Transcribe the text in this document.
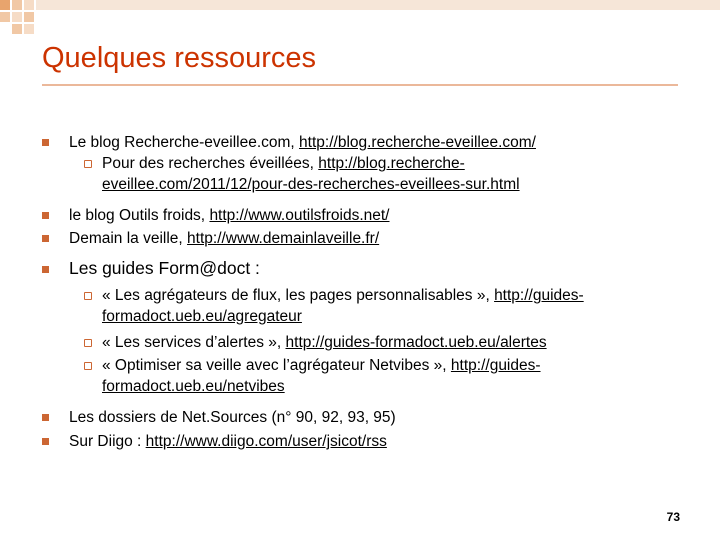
Quelques ressources
Le blog Recherche-eveillee.com, http://blog.recherche-eveillee.com/
Pour des recherches éveillées, http://blog.recherche-
eveillee.com/2011/12/pour-des-recherches-eveillees-sur.html
le blog Outils froids, http://www.outilsfroids.net/
Demain la veille, http://www.demainlaveille.fr/
Les guides Form@doct :
« Les agrégateurs de flux, les pages personnalisables », http://guides-
formadoct.ueb.eu/agregateur
« Les services d’alertes », http://guides-formadoct.ueb.eu/alertes
« Optimiser sa veille avec l’agrégateur Netvibes », http://guides-
formadoct.ueb.eu/netvibes
Les dossiers de Net.Sources (n° 90, 92, 93, 95)
Sur Diigo : http://www.diigo.com/user/jsicot/rss
73
